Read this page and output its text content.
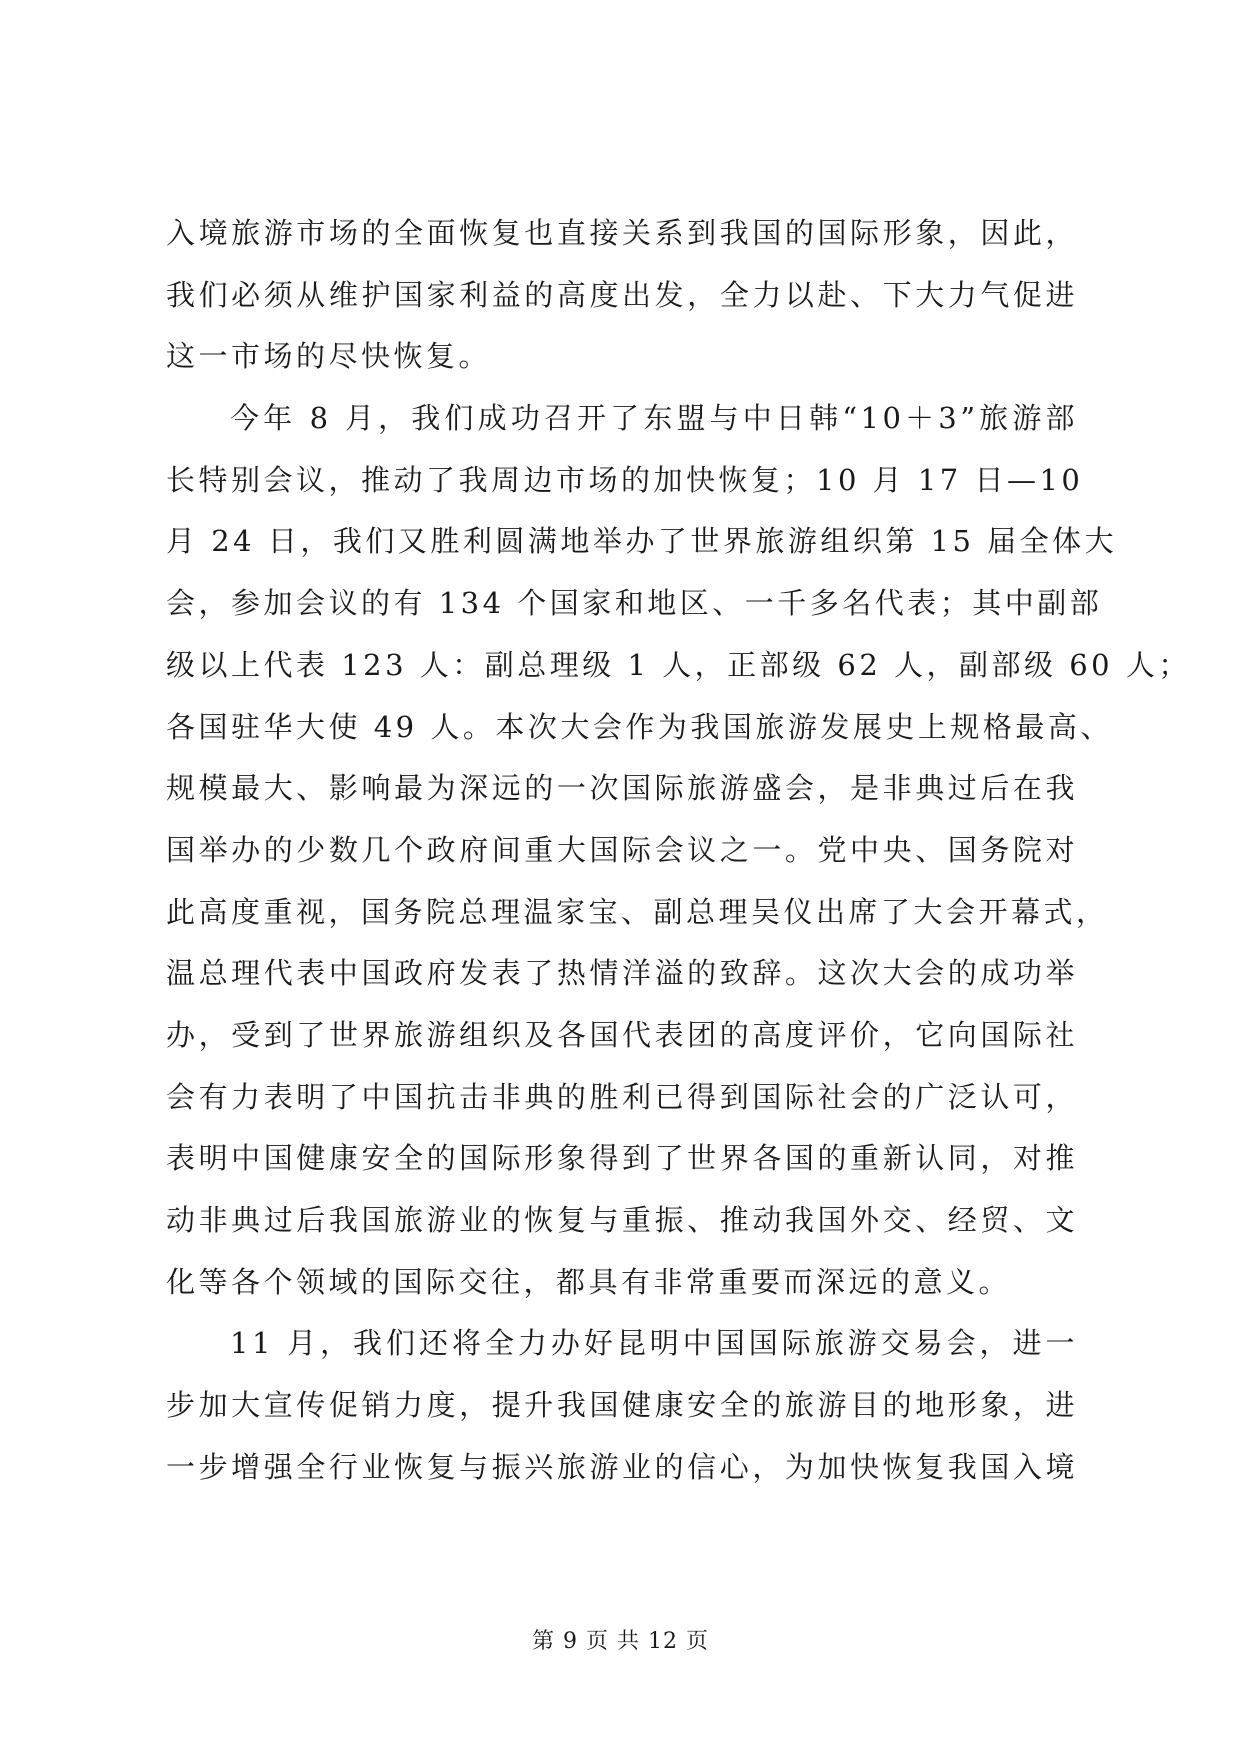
入境旅游市场的全面恢复也直接关系到我国的国际形象，因此，
我们必须从维护国家利益的高度出发，全力以赴、下大力气促进
这一市场的尽快恢复。
今年 8 月，我们成功召开了东盟与中日韩“10＋3”旅游部
长特别会议，推动了我周边市场的加快恢复；10 月 17 日—10
月 24 日，我们又胜利圆满地举办了世界旅游组织第 15 届全体大
会，参加会议的有 134 个国家和地区、一千多名代表；其中副部
级以上代表 123 人：副总理级 1 人，正部级 62 人，副部级 60 人；
各国驻华大使 49 人。本次大会作为我国旅游发展史上规格最高、
规模最大、影响最为深远的一次国际旅游盛会，是非典过后在我
国举办的少数几个政府间重大国际会议之一。党中央、国务院对
此高度重视，国务院总理温家宝、副总理吴仪出席了大会开幕式，
温总理代表中国政府发表了热情洋溢的致辞。这次大会的成功举
办，受到了世界旅游组织及各国代表团的高度评价，它向国际社
会有力表明了中国抗击非典的胜利已得到国际社会的广泛认可，
表明中国健康安全的国际形象得到了世界各国的重新认同，对推
动非典过后我国旅游业的恢复与重振、推动我国外交、经贸、文
化等各个领域的国际交往，都具有非常重要而深远的意义。
11 月，我们还将全力办好昆明中国国际旅游交易会，进一
步加大宣传促销力度，提升我国健康安全的旅游目的地形象，进
一步增强全行业恢复与振兴旅游业的信心，为加快恢复我国入境
第 9 页 共 12 页
